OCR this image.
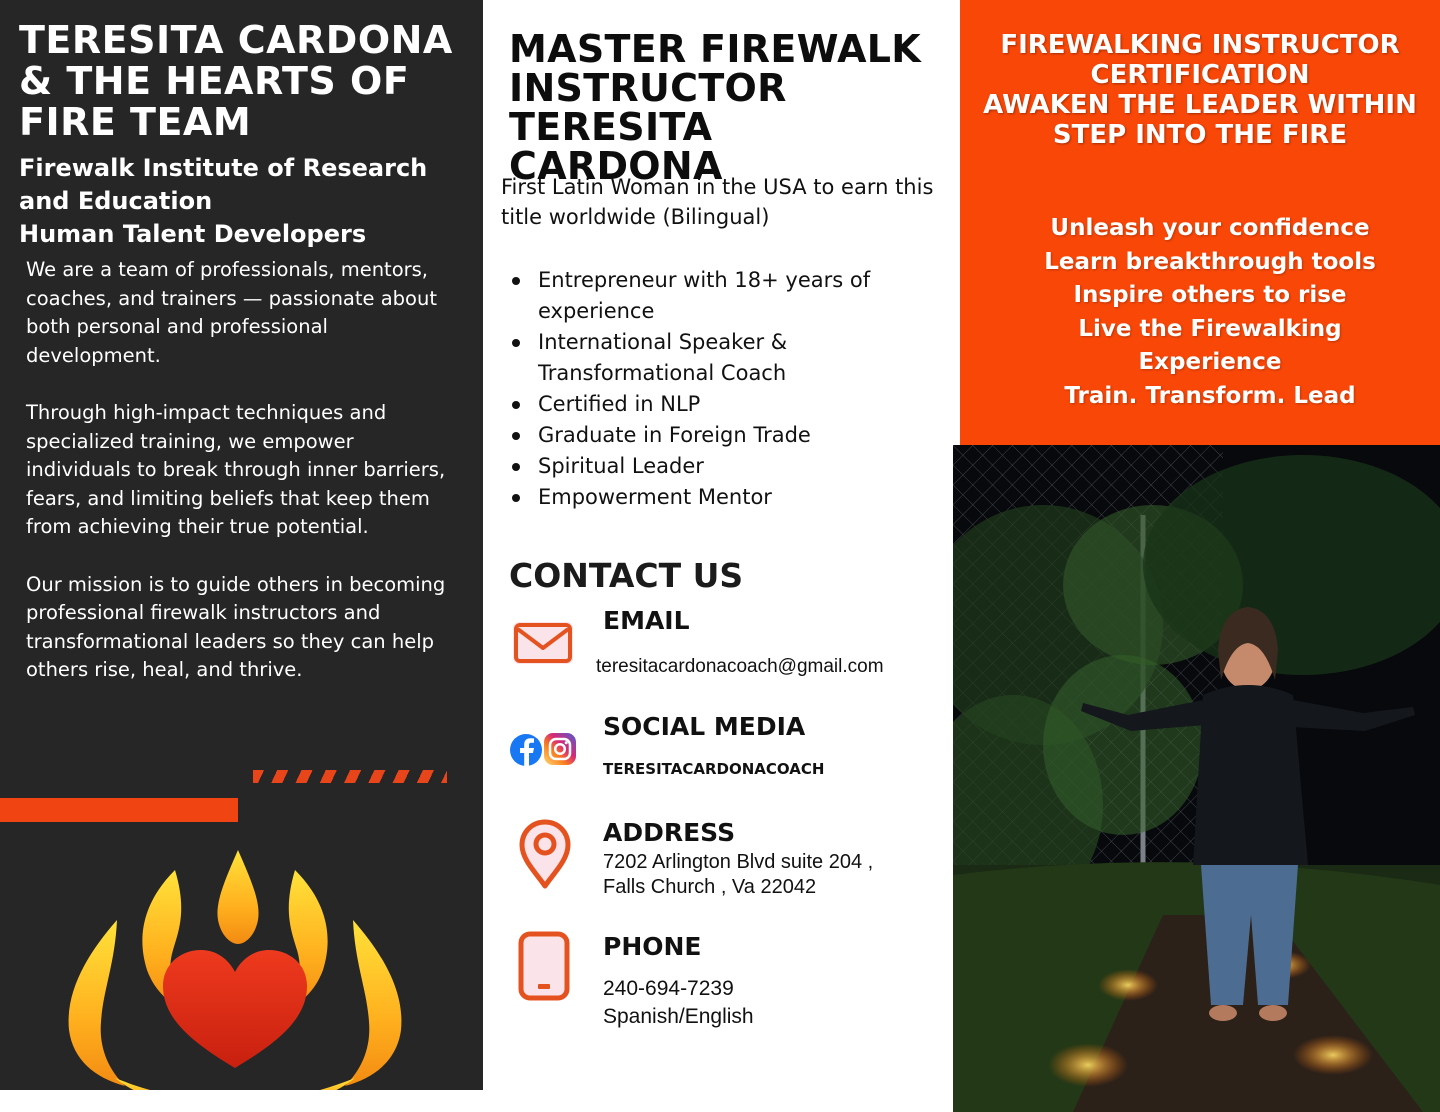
TERESITA CARDONA & THE HEARTS OF FIRE TEAM
Firewalk Institute of Research and Education
Human Talent Developers

We are a team of professionals, mentors, coaches, and trainers — passionate about both personal and professional development.

Through high-impact techniques and specialized training, we empower individuals to break through inner barriers, fears, and limiting beliefs that keep them from achieving their true potential.

Our mission is to guide others in becoming professional firewalk instructors and transformational leaders so they can help others rise, heal, and thrive.

MASTER FIREWALK
INSTRUCTOR
TERESITA CARDONA

First Latin Woman in the USA to earn this title worldwide (Bilingual)

Entrepreneur with 18+ years of experience
International Speaker & Transformational Coach
Certified in NLP
Graduate in Foreign Trade
Spiritual Leader
Empowerment Mentor
CONTACT US

EMAIL

teresitacardonacoach@gmail.com

SOCIAL MEDIA

TERESITACARDONACOACH

ADDRESS

7202 Arlington Blvd suite 204 ,
Falls Church , Va 22042

PHONE

240-694-7239

Spanish/English

FIREWALKING INSTRUCTOR
CERTIFICATION
AWAKEN THE LEADER WITHIN
STEP INTO THE FIRE
Unleash your confidence
Learn breakthrough tools
Inspire others to rise
Live the Firewalking
Experience
Train. Transform. Lead
